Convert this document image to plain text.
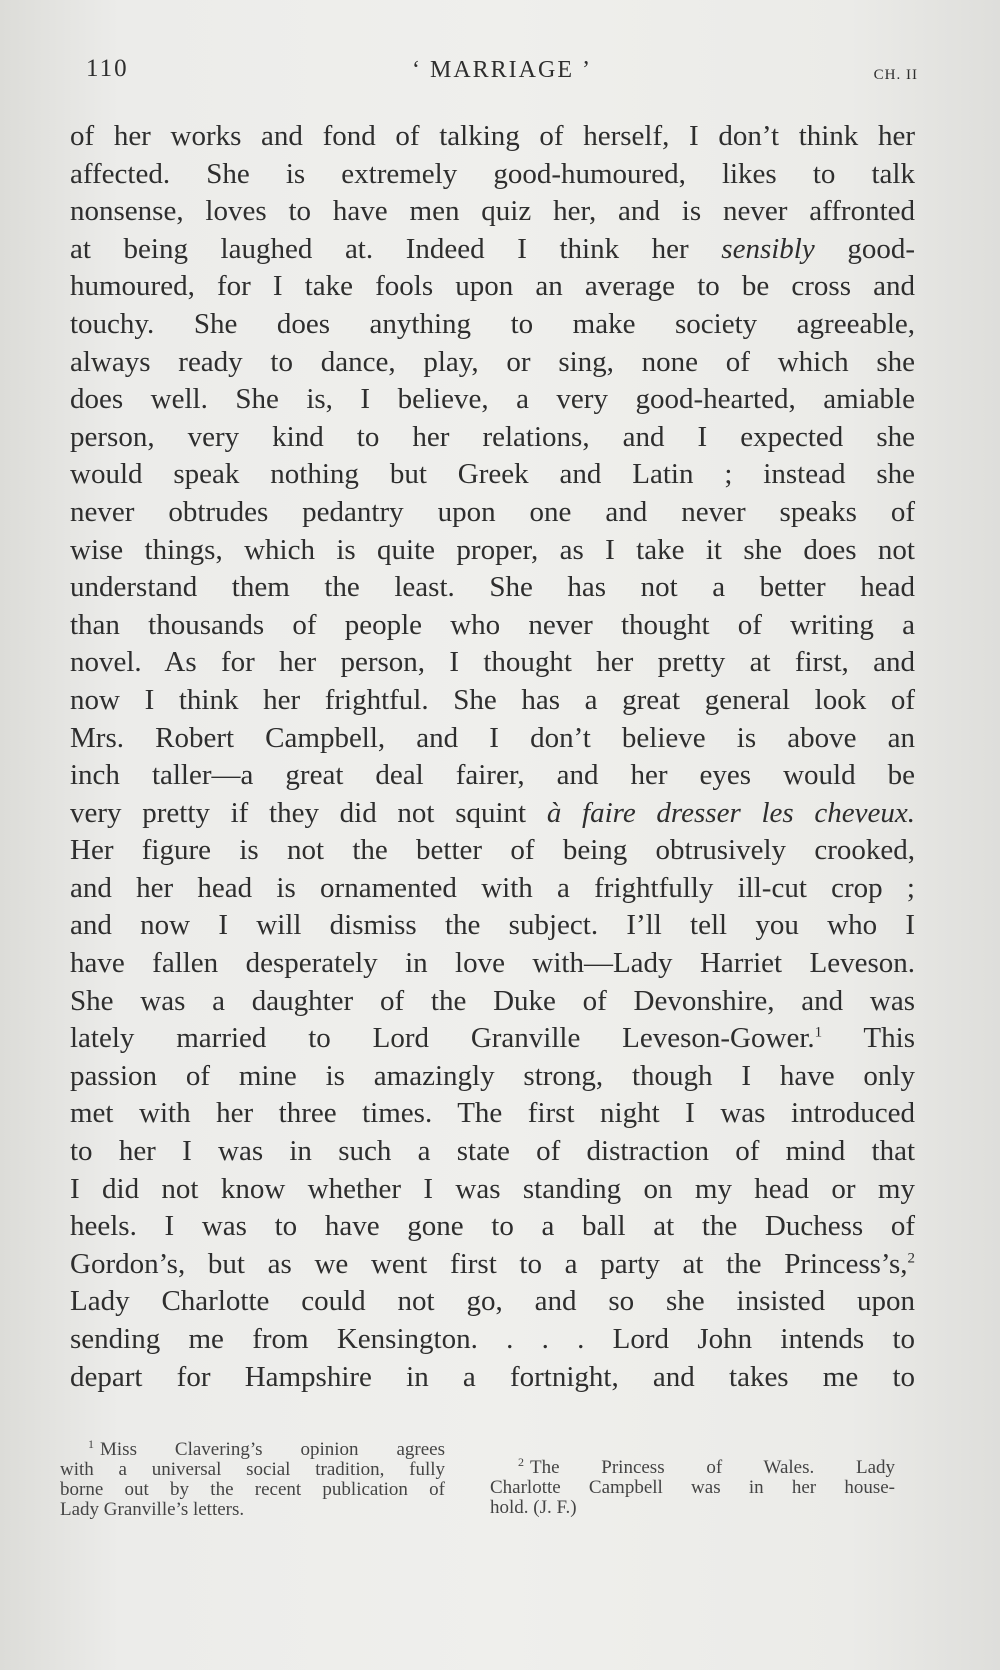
110	‘ MARRIAGE ’	CH. II
of her works and fond of talking of herself, I don’t think her
affected. She is extremely good-humoured, likes to talk
nonsense, loves to have men quiz her, and is never affronted
at being laughed at. Indeed I think her sensibly good-
humoured, for I take fools upon an average to be cross and
touchy. She does anything to make society agreeable,
always ready to dance, play, or sing, none of which she
does well. She is, I believe, a very good-hearted, amiable
person, very kind to her relations, and I expected she
would speak nothing but Greek and Latin ; instead she
never obtrudes pedantry upon one and never speaks of
wise things, which is quite proper, as I take it she does not
understand them the least. She has not a better head
than thousands of people who never thought of writing a
novel. As for her person, I thought her pretty at first, and
now I think her frightful. She has a great general look of
Mrs. Robert Campbell, and I don’t believe is above an
inch taller—a great deal fairer, and her eyes would be
very pretty if they did not squint à faire dresser les cheveux.
Her figure is not the better of being obtrusively crooked,
and her head is ornamented with a frightfully ill-cut crop ;
and now I will dismiss the subject. I’ll tell you who I
have fallen desperately in love with—Lady Harriet Leveson.
She was a daughter of the Duke of Devonshire, and was
lately married to Lord Granville Leveson-Gower.$^1$ This
passion of mine is amazingly strong, though I have only
met with her three times. The first night I was introduced
to her I was in such a state of distraction of mind that
I did not know whether I was standing on my head or my
heels. I was to have gone to a ball at the Duchess of
Gordon’s, but as we went first to a party at the Princess’s,$^2$
Lady Charlotte could not go, and so she insisted upon
sending me from Kensington. . . . Lord John intends to
depart for Hampshire in a fortnight, and takes me to
$^1$ Miss Clavering’s opinion agrees
with a universal social tradition, fully
borne out by the recent publication of
Lady Granville’s letters.
$^2$ The Princess of Wales. Lady
Charlotte Campbell was in her house-
hold. (J. F.)
